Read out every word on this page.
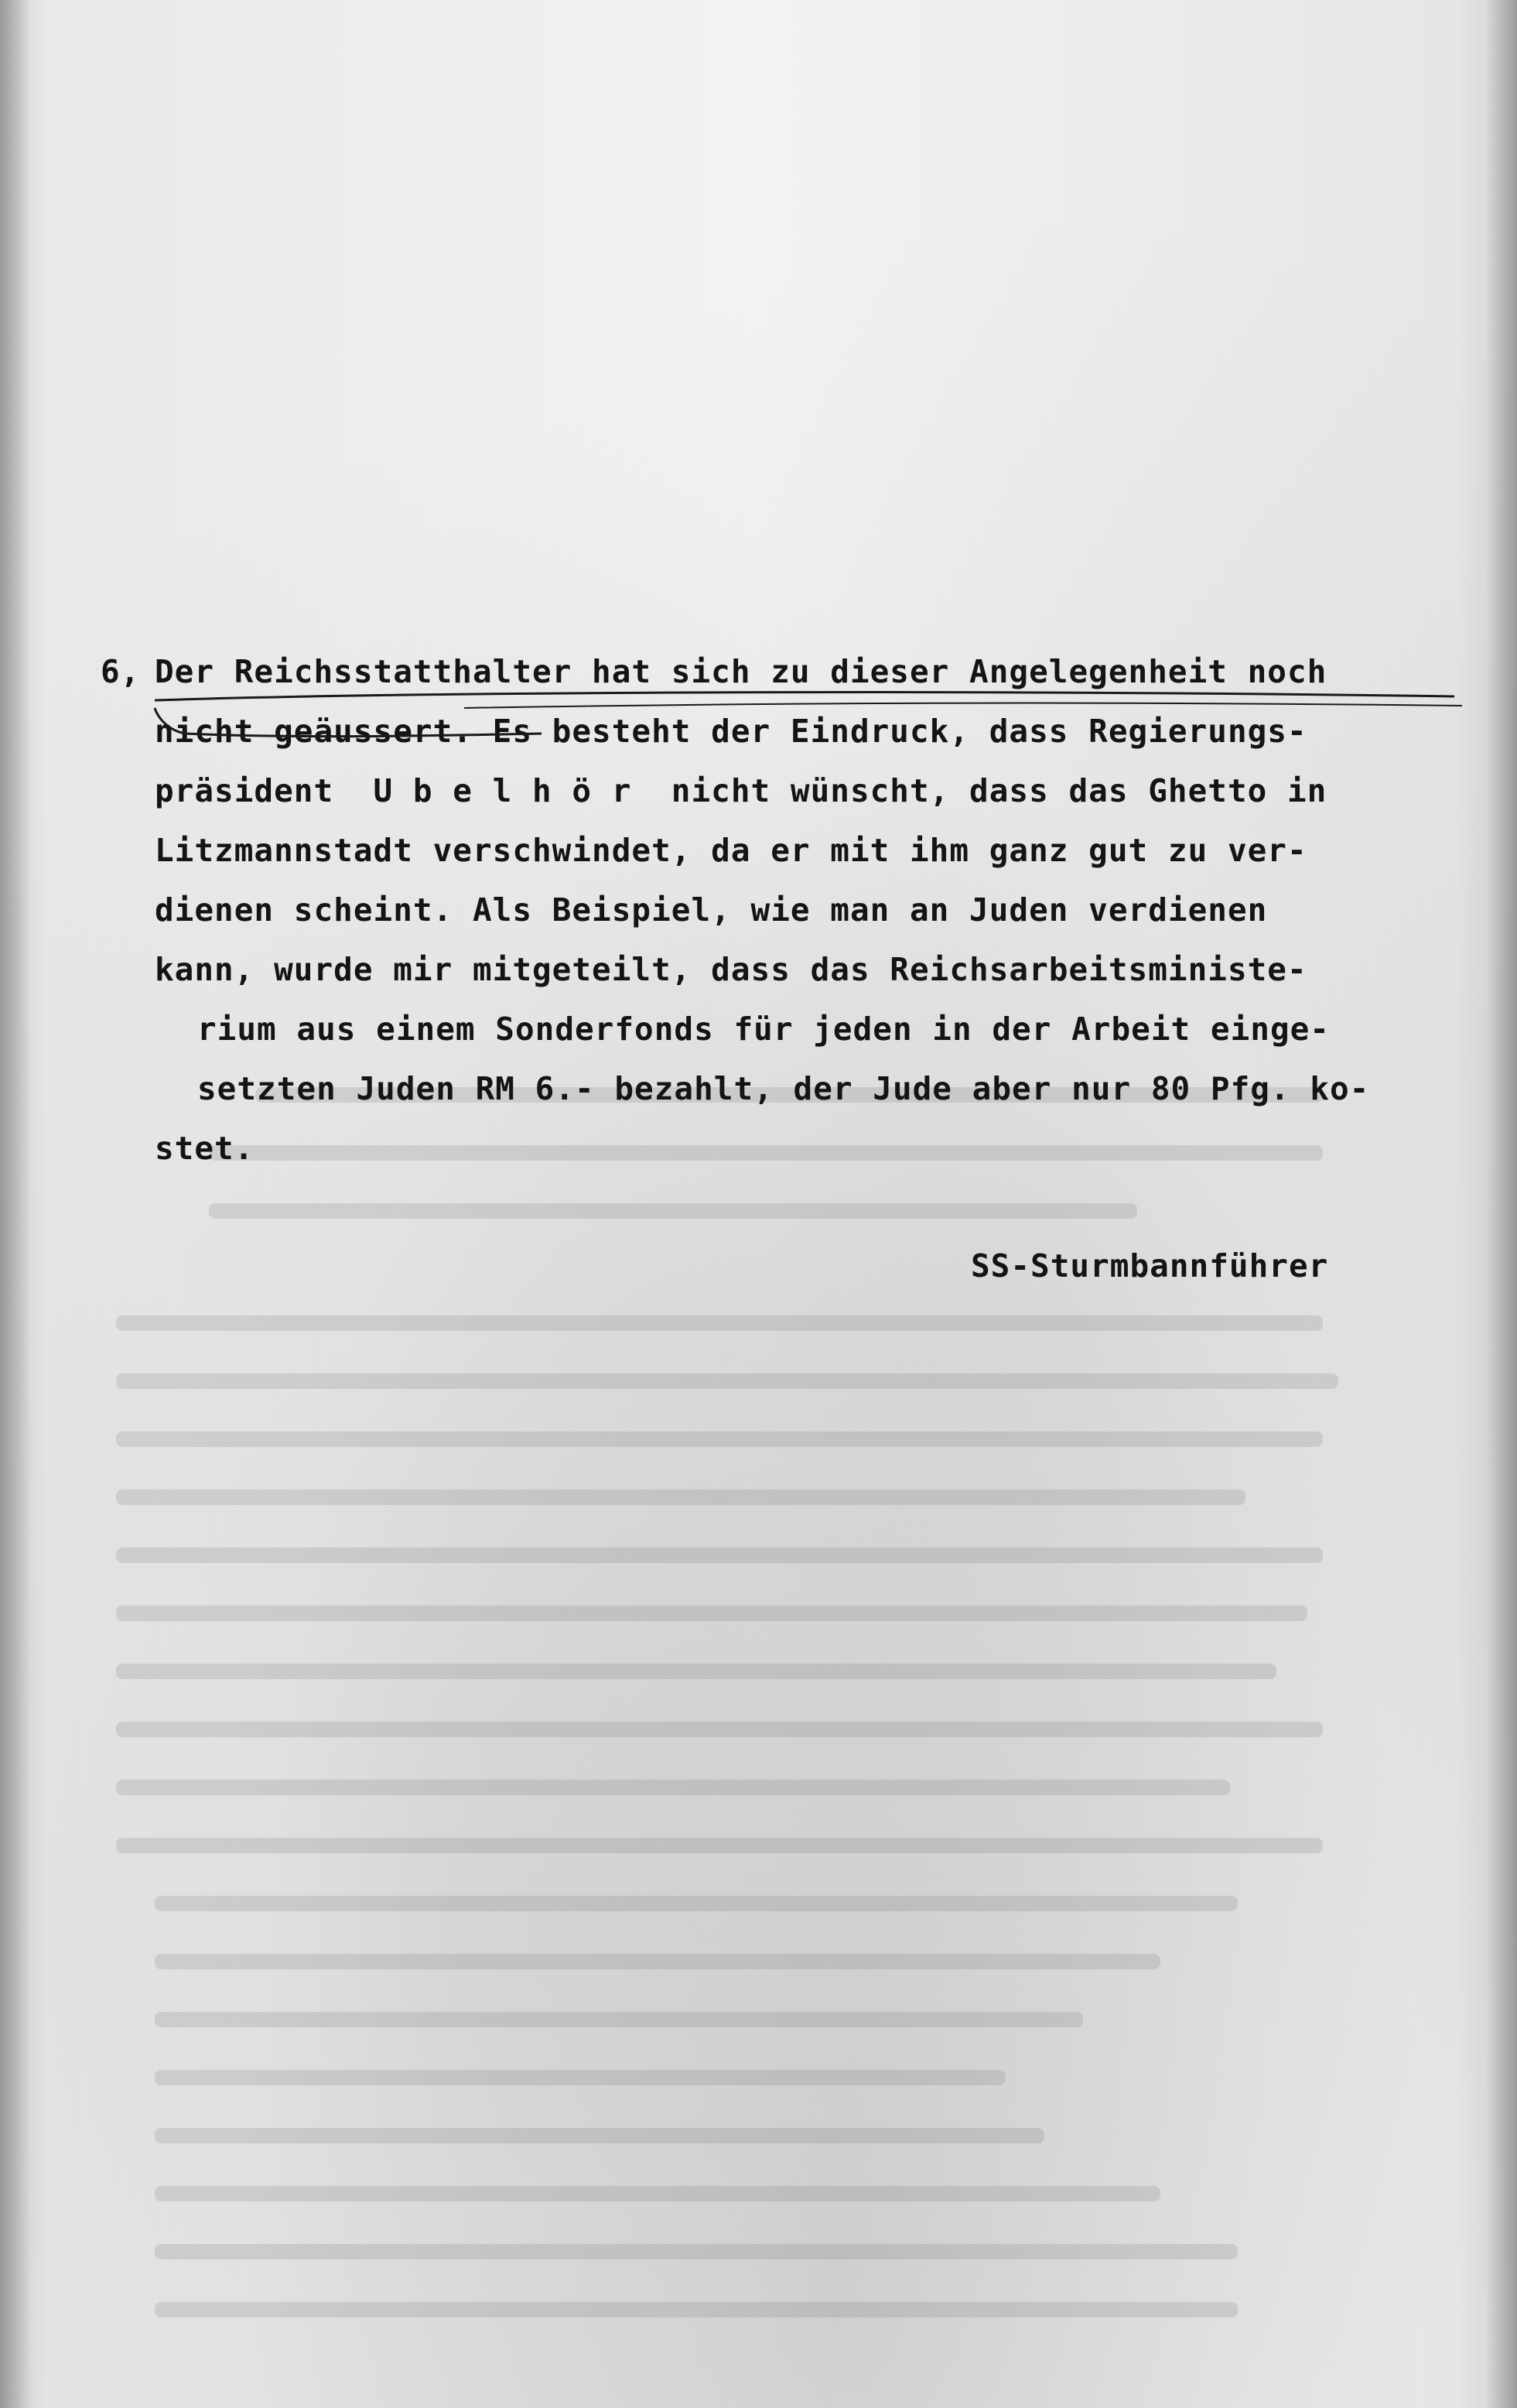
6, Der Reichsstatthalter hat sich zu dieser Angelegenheit noch
nicht geäussert. Es besteht der Eindruck, dass Regierungs-
präsident  U b e l h ö r  nicht wünscht, dass das Ghetto in
Litzmannstadt verschwindet, da er mit ihm ganz gut zu ver-
dienen scheint. Als Beispiel, wie man an Juden verdienen
kann, wurde mir mitgeteilt, dass das Reichsarbeitsministe-
rium aus einem Sonderfonds für jeden in der Arbeit einge-
setzten Juden RM 6.- bezahlt, der Jude aber nur 80 Pfg. ko-
stet.
SS-Sturmbannführer
